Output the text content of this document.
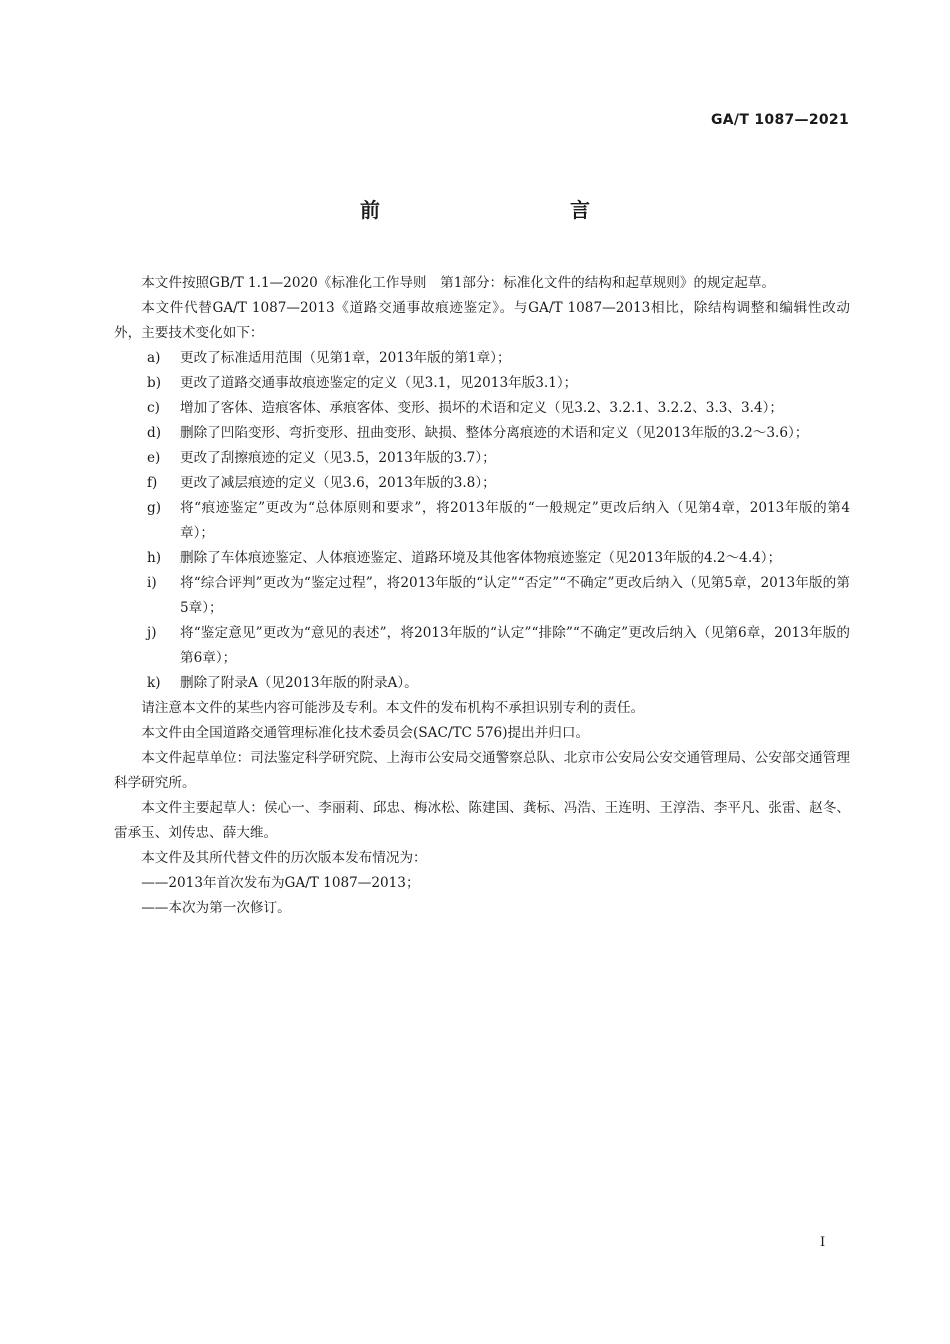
GA/T 1087—2021
前　　言

本文件按照GB/T 1.1—2020《标准化工作导则　第1部分：标准化文件的结构和起草规则》的规定起草。

本文件代替GA/T 1087—2013《道路交通事故痕迹鉴定》。与GA/T 1087—2013相比，除结构调整和编辑性改动外，主要技术变化如下：

a)	更改了标准适用范围（见第1章，2013年版的第1章）；
b)	更改了道路交通事故痕迹鉴定的定义（见3.1，见2013年版3.1）；
c)	增加了客体、造痕客体、承痕客体、变形、损坏的术语和定义（见3.2、3.2.1、3.2.2、3.3、3.4）；
d)	删除了凹陷变形、弯折变形、扭曲变形、缺损、整体分离痕迹的术语和定义（见2013年版的3.2～3.6）；
e)	更改了刮擦痕迹的定义（见3.5，2013年版的3.7）；
f)	更改了减层痕迹的定义（见3.6，2013年版的3.8）；
g)	将“痕迹鉴定”更改为“总体原则和要求”，将2013年版的“一般规定”更改后纳入（见第4章，2013年版的第4章）；
h)	删除了车体痕迹鉴定、人体痕迹鉴定、道路环境及其他客体物痕迹鉴定（见2013年版的4.2～4.4）；
i)	将“综合评判”更改为“鉴定过程”，将2013年版的“认定”“否定”“不确定”更改后纳入（见第5章，2013年版的第5章）；
j)	将“鉴定意见”更改为“意见的表述”，将2013年版的“认定”“排除”“不确定”更改后纳入（见第6章，2013年版的第6章）；
k)	删除了附录A（见2013年版的附录A）。

请注意本文件的某些内容可能涉及专利。本文件的发布机构不承担识别专利的责任。

本文件由全国道路交通管理标准化技术委员会(SAC/TC 576)提出并归口。

本文件起草单位：司法鉴定科学研究院、上海市公安局交通警察总队、北京市公安局公安交通管理局、公安部交通管理科学研究所。

本文件主要起草人：侯心一、李丽莉、邱忠、梅冰松、陈建国、龚标、冯浩、王连明、王淳浩、李平凡、张雷、赵冬、雷承玉、刘传忠、薛大维。

本文件及其所代替文件的历次版本发布情况为：

——2013年首次发布为GA/T 1087—2013；

——本次为第一次修订。

I
